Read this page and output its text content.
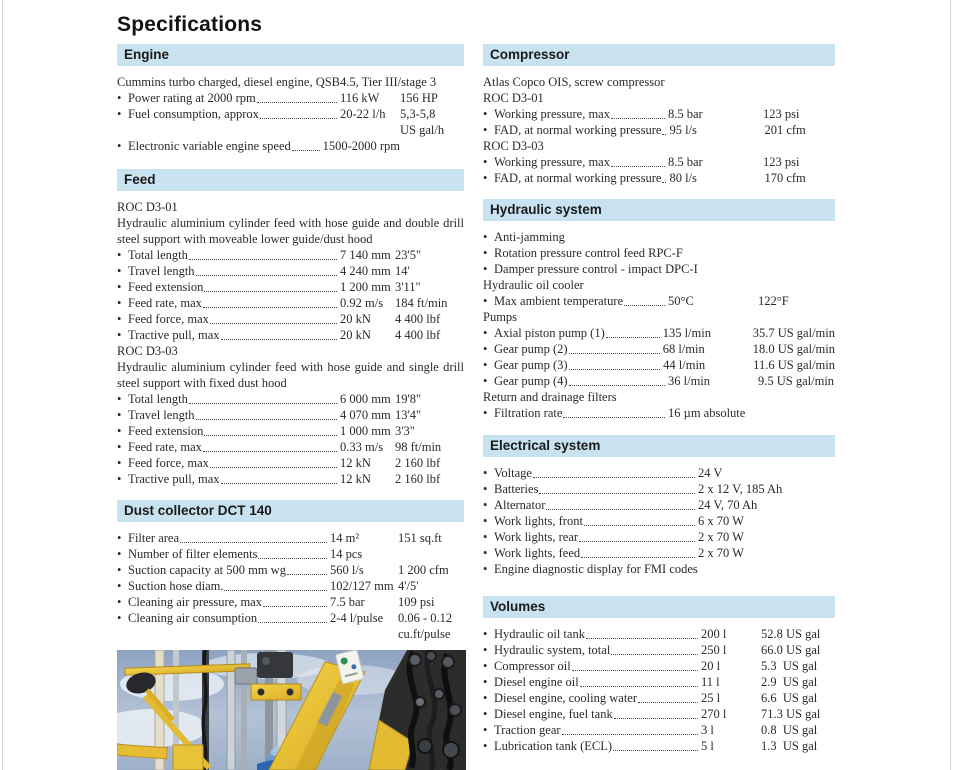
Specifications
Engine
Cummins turbo charged, diesel engine, QSB4.5, Tier III/stage 3
• Power rating at 2000 rpm	116 kW	156 HP
• Fuel consumption, approx	20-22 l/h	5,3-5,8
US gal/h
• Electronic variable engine speed	1500-2000 rpm
Feed
ROC D3-01
Hydraulic aluminium cylinder feed with hose guide and double drill steel support with moveable lower guide/dust hood
• Total length	7 140 mm 23'5"
• Travel length	4 240 mm 14'
• Feed extension	1 200 mm 3'11"
• Feed rate, max	0.92 m/s 184 ft/min
• Feed force, max	20 kN	4 400 lbf
• Tractive pull, max	20 kN	4 400 lbf
ROC D3-03
Hydraulic aluminium cylinder feed with hose guide and single drill steel support with fixed dust hood
• Total length	6 000 mm 19'8"
• Travel length	4 070 mm 13'4"
• Feed extension	1 000 mm 3'3"
• Feed rate, max	0.33 m/s 98 ft/min
• Feed force, max	12 kN	2 160 lbf
• Tractive pull, max	12 kN	2 160 lbf
Dust collector DCT 140
• Filter area	14 m²	151 sq.ft
• Number of filter elements	14 pcs
• Suction capacity at 500 mm wg	560 l/s	1 200 cfm
• Suction hose diam.	102/127 mm 4'/5'
• Cleaning air pressure, max	7.5 bar	109 psi
• Cleaning air consumption	2-4 l/pulse	0.06 - 0.12
cu.ft/pulse
Compressor
Atlas Copco OIS, screw compressor
ROC D3-01
• Working pressure, max	8.5 bar	123 psi
• FAD, at normal working pressure 95 l/s	201 cfm
ROC D3-03
• Working pressure, max	8.5 bar	123 psi
• FAD, at normal working pressure 80 l/s	170 cfm
Hydraulic system
• Anti-jamming
• Rotation pressure control feed RPC-F
• Damper pressure control - impact DPC-I
Hydraulic oil cooler
• Max ambient temperature	50°C	122°F
Pumps
• Axial piston pump (1)	135 l/min	35.7 US gal/min
• Gear pump (2)	68 l/min	18.0 US gal/min
• Gear pump (3)	44 l/min	11.6 US gal/min
• Gear pump (4)	36 l/min	9.5 US gal/min
Return and drainage filters
• Filtration rate	16 µm absolute
Electrical system
• Voltage	24 V
• Batteries	2 x 12 V, 185 Ah
• Alternator	24 V, 70 Ah
• Work lights, front	6 x 70 W
• Work lights, rear	2 x 70 W
• Work lights, feed	2 x 70 W
• Engine diagnostic display for FMI codes
Volumes
• Hydraulic oil tank	200 l	52.8 US gal
• Hydraulic system, total	250 l	66.0 US gal
• Compressor oil	20 l	5.3  US gal
• Diesel engine oil	11 l	2.9  US gal
• Diesel engine, cooling water	25 l	6.6  US gal
• Diesel engine, fuel tank	270 l	71.3 US gal
• Traction gear	3 l	0.8  US gal
• Lubrication tank (ECL)	5 l	1.3  US gal
